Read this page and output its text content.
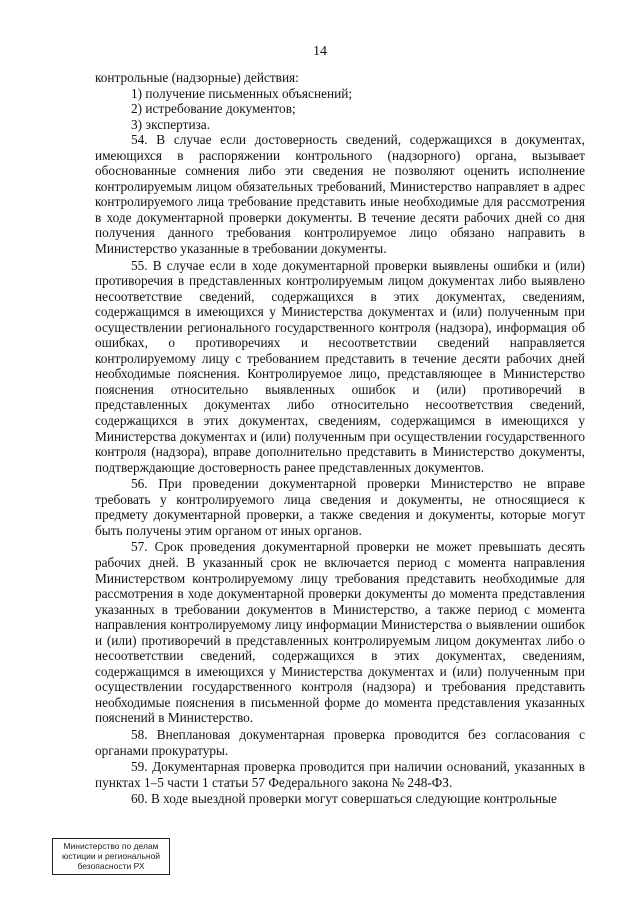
14

контрольные (надзорные) действия:

1) получение письменных объяснений;

2) истребование документов;

3) экспертиза.

54. В случае если достоверность сведений, содержащихся в документах, имеющихся в распоряжении контрольного (надзорного) органа, вызывает обоснованные сомнения либо эти сведения не позволяют оценить исполнение контролируемым лицом обязательных требований, Министерство направляет в адрес контролируемого лица требование представить иные необходимые для рассмотрения в ходе документарной проверки документы. В течение десяти рабочих дней со дня получения данного требования контролируемое лицо обязано направить в Министерство указанные в требовании документы.

55. В случае если в ходе документарной проверки выявлены ошибки и (или) противоречия в представленных контролируемым лицом документах либо выявлено несоответствие сведений, содержащихся в этих документах, сведениям, содержащимся в имеющихся у Министерства документах и (или) полученным при осуществлении регионального государственного контроля (надзора), информация об ошибках, о противоречиях и несоответствии сведений направляется контролируемому лицу с требованием представить в течение десяти рабочих дней необходимые пояснения. Контролируемое лицо, представляющее в Министерство пояснения относительно выявленных ошибок и (или) противоречий в представленных документах либо относительно несоответствия сведений, содержащихся в этих документах, сведениям, содержащимся в имеющихся у Министерства документах и (или) полученным при осуществлении государственного контроля (надзора), вправе дополнительно представить в Министерство документы, подтверждающие достоверность ранее представленных документов.

56. При проведении документарной проверки Министерство не вправе требовать у контролируемого лица сведения и документы, не относящиеся к предмету документарной проверки, а также сведения и документы, которые могут быть получены этим органом от иных органов.

57. Срок проведения документарной проверки не может превышать десять рабочих дней. В указанный срок не включается период с момента направления Министерством контролируемому лицу требования представить необходимые для рассмотрения в ходе документарной проверки документы до момента представления указанных в требовании документов в Министерство, а также период с момента направления контролируемому лицу информации Министерства о выявлении ошибок и (или) противоречий в представленных контролируемым лицом документах либо о несоответствии сведений, содержащихся в этих документах, сведениям, содержащимся в имеющихся у Министерства документах и (или) полученным при осуществлении государственного контроля (надзора) и требования представить необходимые пояснения в письменной форме до момента представления указанных пояснений в Министерство.

58. Внеплановая документарная проверка проводится без согласования с органами прокуратуры.

59. Документарная проверка проводится при наличии оснований, указанных в пунктах 1–5 части 1 статьи 57 Федерального закона № 248-ФЗ.

60. В ходе выездной проверки могут совершаться следующие контрольные

Министерство по делам
юстиции и региональной
безопасности РХ
